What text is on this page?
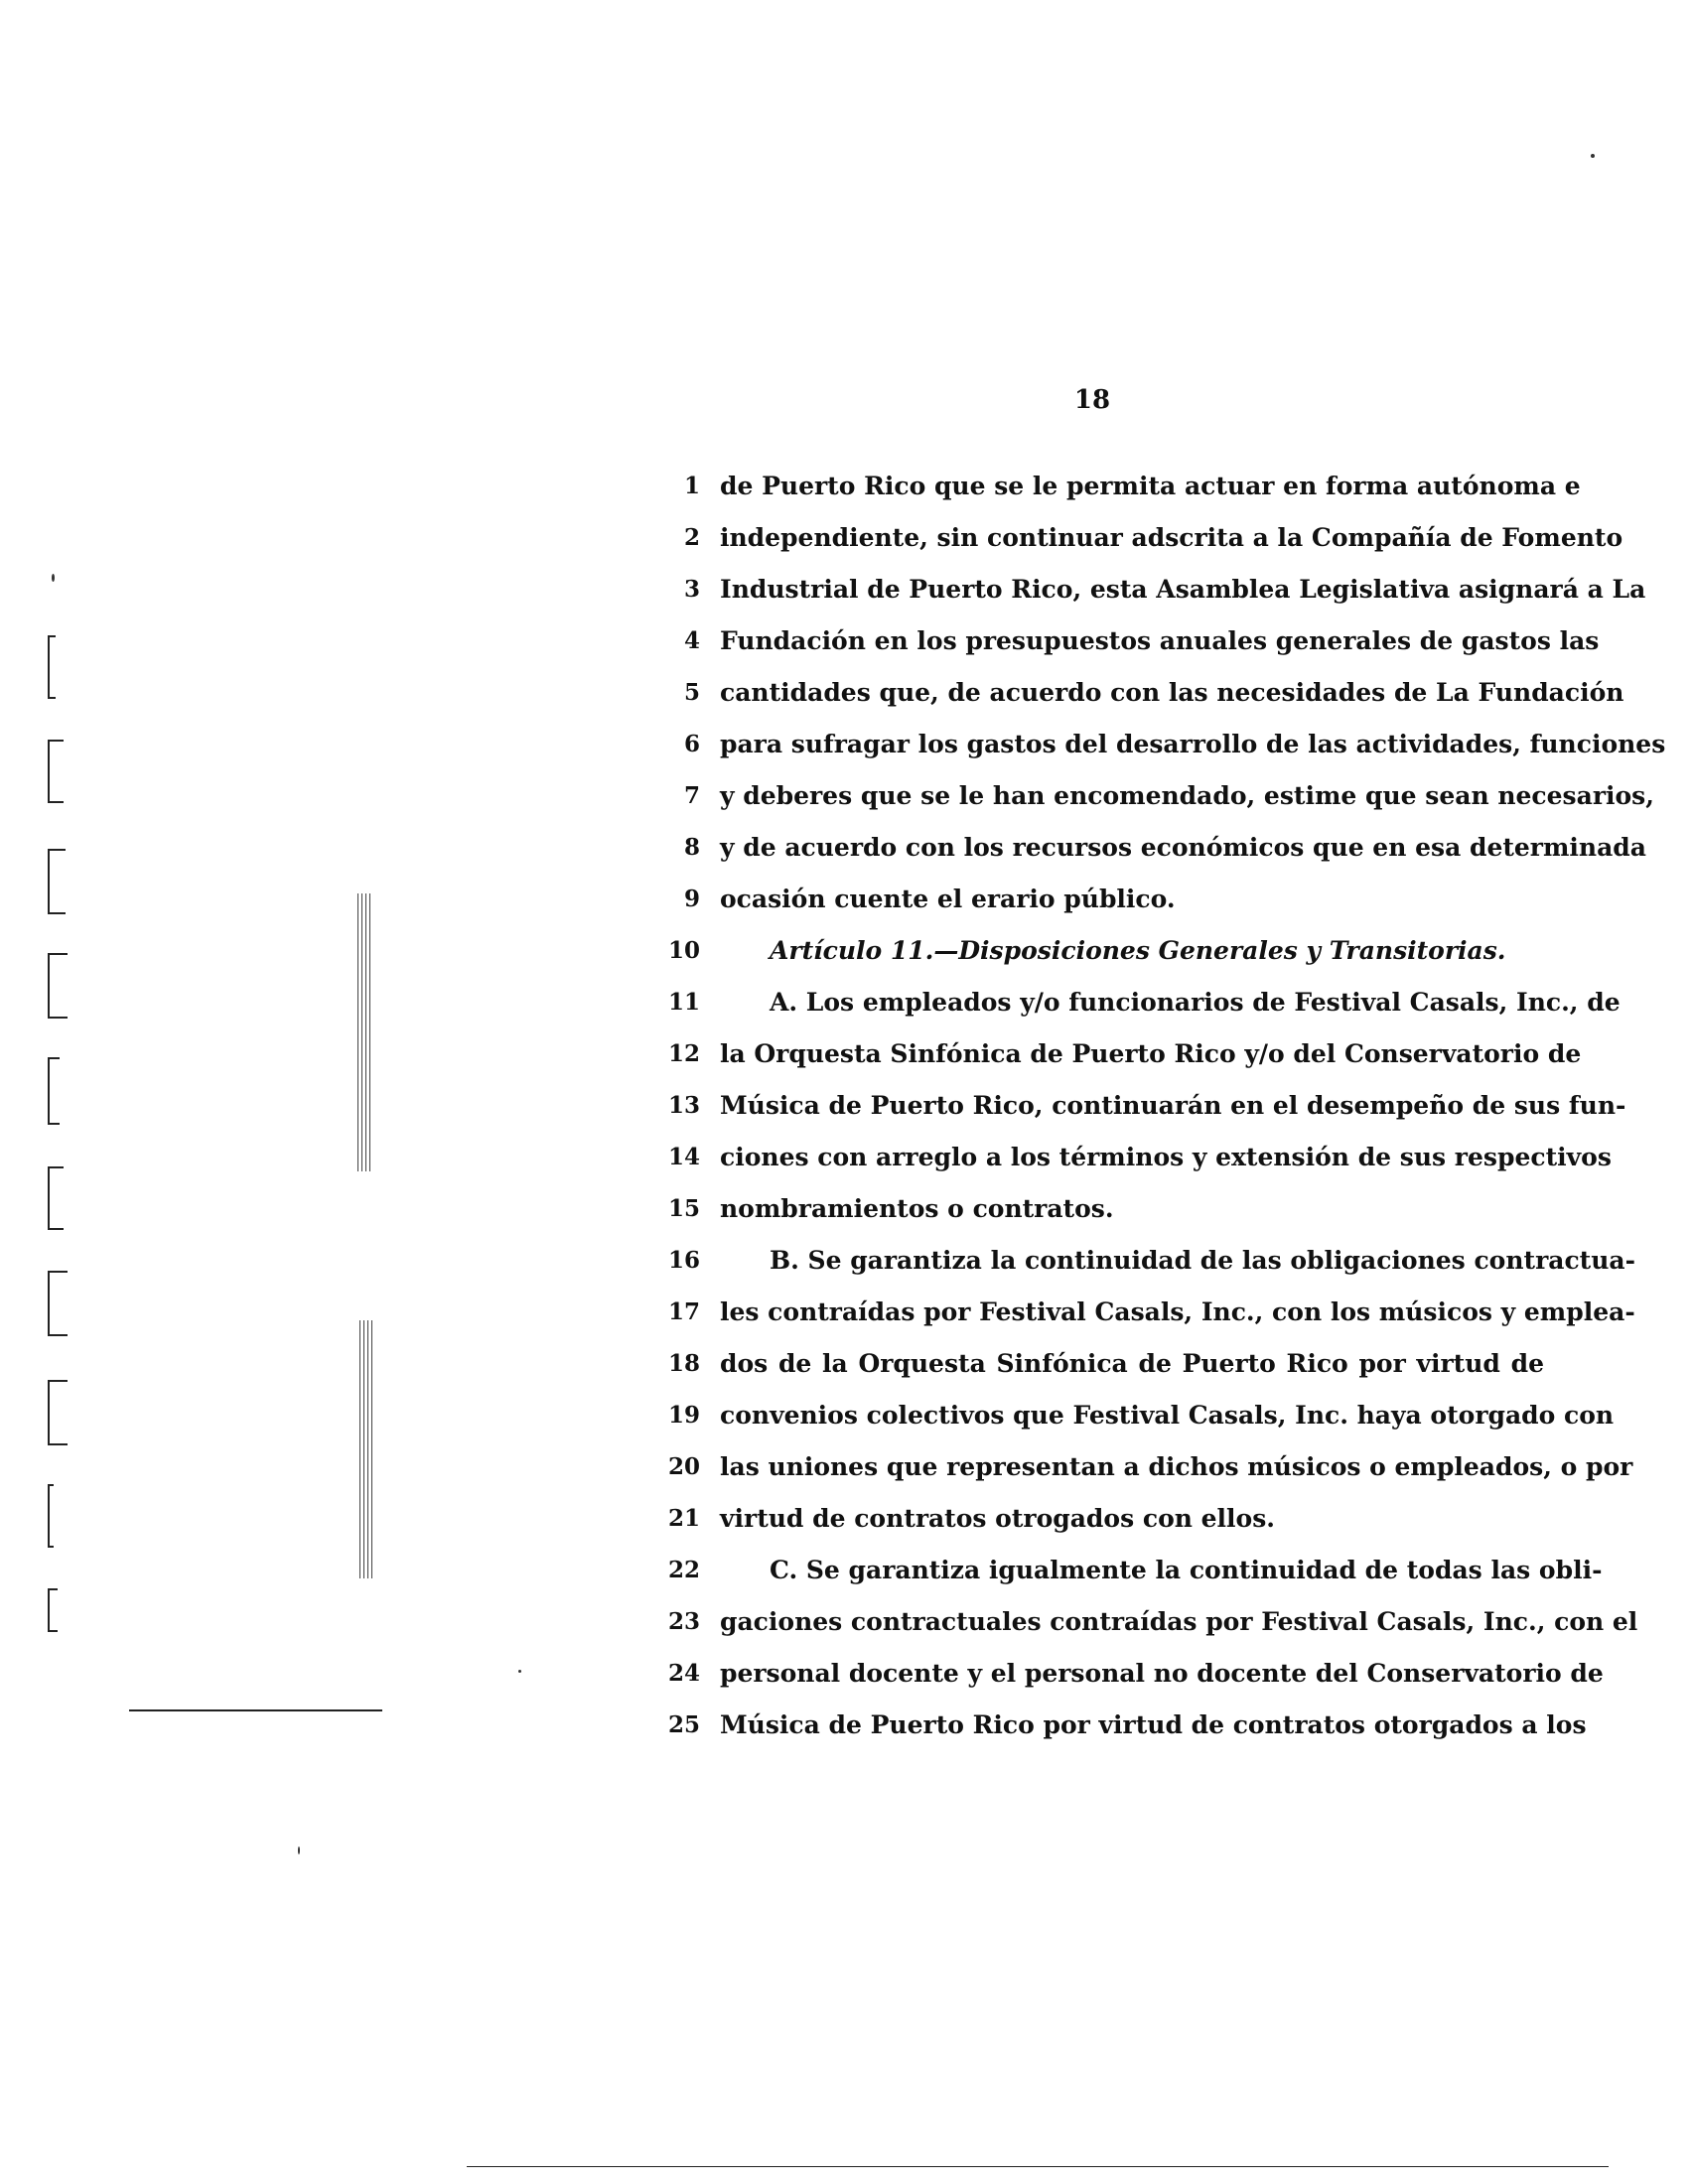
18
1 de Puerto Rico que se le permita actuar en forma autónoma e
2 independiente, sin continuar adscrita a la Compañía de Fomento
3 Industrial de Puerto Rico, esta Asamblea Legislativa asignará a La
4 Fundación en los presupuestos anuales generales de gastos las
5 cantidades que, de acuerdo con las necesidades de La Fundación
6 para sufragar los gastos del desarrollo de las actividades, funciones
7 y deberes que se le han encomendado, estime que sean necesarios,
8 y de acuerdo con los recursos económicos que en esa determinada
9 ocasión cuente el erario público.
10	Artículo 11.—Disposiciones Generales y Transitorias.
11	A. Los empleados y/o funcionarios de Festival Casals, Inc., de
12 la Orquesta Sinfónica de Puerto Rico y/o del Conservatorio de
13 Música de Puerto Rico, continuarán en el desempeño de sus fun-
14 ciones con arreglo a los términos y extensión de sus respectivos
15 nombramientos o contratos.
16	B. Se garantiza la continuidad de las obligaciones contractua-
17 les contraídas por Festival Casals, Inc., con los músicos y emplea-
18 dos de la Orquesta Sinfónica de Puerto Rico por virtud de
19 convenios colectivos que Festival Casals, Inc. haya otorgado con
20 las uniones que representan a dichos músicos o empleados, o por
21 virtud de contratos otrogados con ellos.
22	C. Se garantiza igualmente la continuidad de todas las obli-
23 gaciones contractuales contraídas por Festival Casals, Inc., con el
24 personal docente y el personal no docente del Conservatorio de
25 Música de Puerto Rico por virtud de contratos otorgados a los
